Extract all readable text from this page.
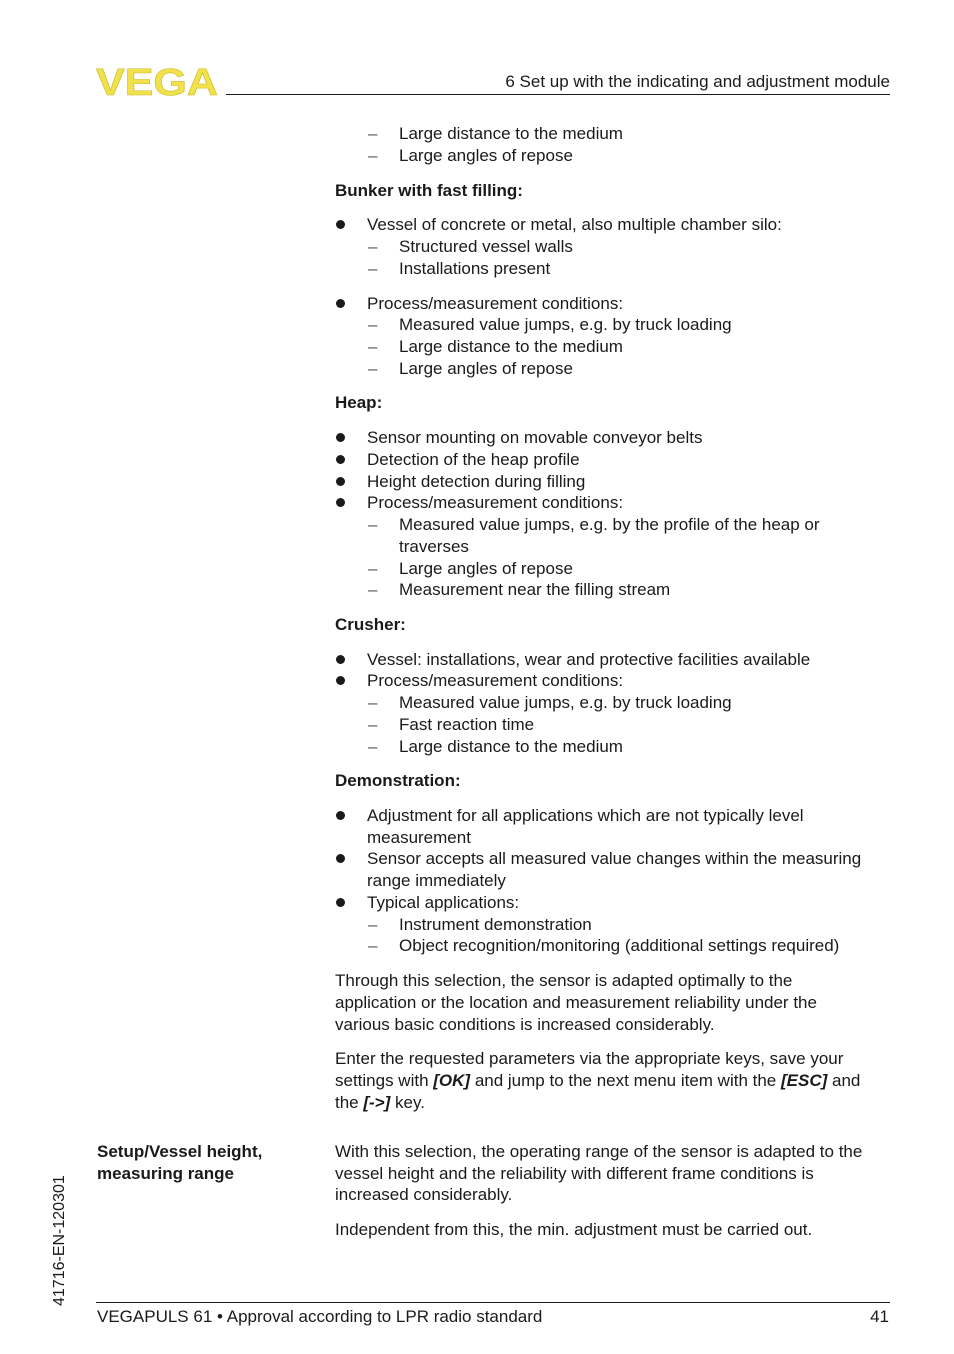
VEGA	6 Set up with the indicating and adjustment module
– Large distance to the medium
– Large angles of repose
Bunker with fast filling:
Vessel of concrete or metal, also multiple chamber silo:
– Structured vessel walls
– Installations present
Process/measurement conditions:
– Measured value jumps, e.g. by truck loading
– Large distance to the medium
– Large angles of repose
Heap:
Sensor mounting on movable conveyor belts
Detection of the heap profile
Height detection during filling
Process/measurement conditions:
– Measured value jumps, e.g. by the profile of the heap or
traverses
– Large angles of repose
– Measurement near the filling stream
Crusher:
Vessel: installations, wear and protective facilities available
Process/measurement conditions:
– Measured value jumps, e.g. by truck loading
– Fast reaction time
– Large distance to the medium
Demonstration:
Adjustment for all applications which are not typically level
measurement
Sensor accepts all measured value changes within the measuring
range immediately
Typical applications:
– Instrument demonstration
– Object recognition/monitoring (additional settings required)
Through this selection, the sensor is adapted optimally to the
application or the location and measurement reliability under the
various basic conditions is increased considerably.
Enter the requested parameters via the appropriate keys, save your
settings with [OK] and jump to the next menu item with the [ESC] and
the [->] key.
Setup/Vessel height,
measuring range
With this selection, the operating range of the sensor is adapted to the
vessel height and the reliability with different frame conditions is
increased considerably.
Independent from this, the min. adjustment must be carried out.
41716-EN-120301
VEGAPULS 61 • Approval according to LPR radio standard	41
